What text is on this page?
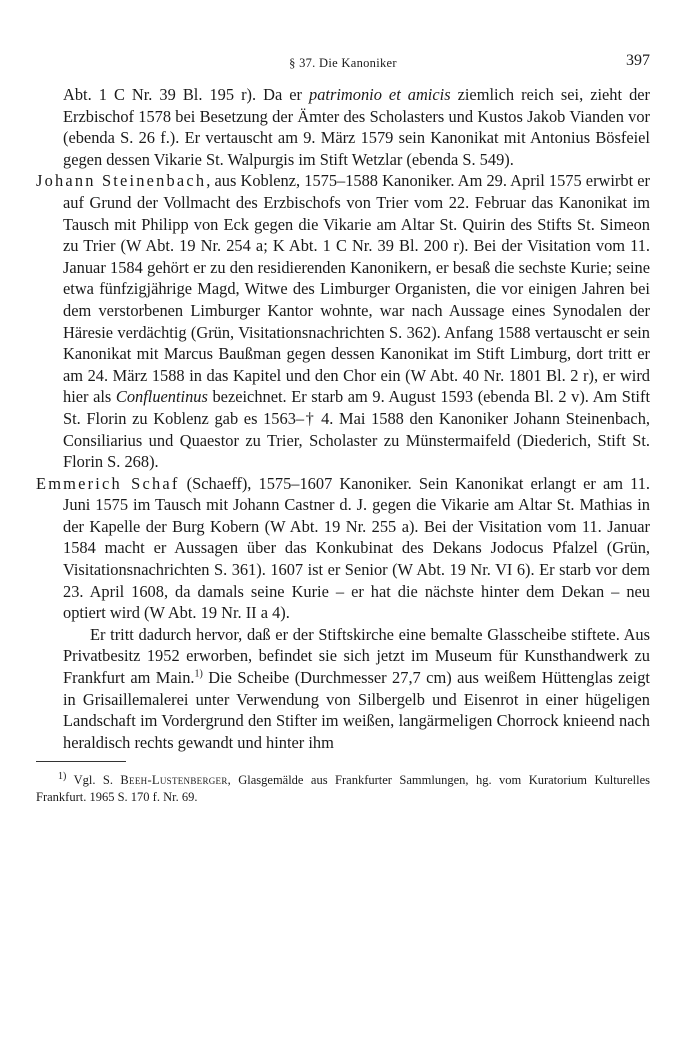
§ 37. Die Kanoniker	397

Abt. 1 C Nr. 39 Bl. 195 r). Da er patrimonio et amicis ziemlich reich sei, zieht der Erzbischof 1578 bei Besetzung der Ämter des Scholasters und Kustos Jakob Vianden vor (ebenda S. 26 f.). Er vertauscht am 9. März 1579 sein Kanonikat mit Antonius Bösfeiel gegen dessen Vikarie St. Walpurgis im Stift Wetzlar (ebenda S. 549).

Johann Steinenbach, aus Koblenz, 1575–1588 Kanoniker. Am 29. April 1575 erwirbt er auf Grund der Vollmacht des Erzbischofs von Trier vom 22. Februar das Kanonikat im Tausch mit Philipp von Eck gegen die Vikarie am Altar St. Quirin des Stifts St. Simeon zu Trier (W Abt. 19 Nr. 254 a; K Abt. 1 C Nr. 39 Bl. 200 r). Bei der Visitation vom 11. Januar 1584 gehört er zu den residierenden Kanonikern, er besaß die sechste Kurie; seine etwa fünfzigjährige Magd, Witwe des Limburger Organisten, die vor einigen Jahren bei dem verstorbenen Limburger Kantor wohnte, war nach Aussage eines Synodalen der Häresie verdächtig (Grün, Visitationsnachrichten S. 362). Anfang 1588 vertauscht er sein Kanonikat mit Marcus Baußman gegen dessen Kanonikat im Stift Limburg, dort tritt er am 24. März 1588 in das Kapitel und den Chor ein (W Abt. 40 Nr. 1801 Bl. 2 r), er wird hier als Confluentinus bezeichnet. Er starb am 9. August 1593 (ebenda Bl. 2 v). Am Stift St. Florin zu Koblenz gab es 1563–† 4. Mai 1588 den Kanoniker Johann Steinenbach, Consiliarius und Quaestor zu Trier, Scholaster zu Münstermaifeld (Diederich, Stift St. Florin S. 268).

Emmerich Schaf (Schaeff), 1575–1607 Kanoniker. Sein Kanonikat erlangt er am 11. Juni 1575 im Tausch mit Johann Castner d. J. gegen die Vikarie am Altar St. Mathias in der Kapelle der Burg Kobern (W Abt. 19 Nr. 255 a). Bei der Visitation vom 11. Januar 1584 macht er Aussagen über das Konkubinat des Dekans Jodocus Pfalzel (Grün, Visitationsnachrichten S. 361). 1607 ist er Senior (W Abt. 19 Nr. VI 6). Er starb vor dem 23. April 1608, da damals seine Kurie – er hat die nächste hinter dem Dekan – neu optiert wird (W Abt. 19 Nr. II a 4).

Er tritt dadurch hervor, daß er der Stiftskirche eine bemalte Glasscheibe stiftete. Aus Privatbesitz 1952 erworben, befindet sie sich jetzt im Museum für Kunsthandwerk zu Frankfurt am Main.$^{1)}$ Die Scheibe (Durchmesser 27,7 cm) aus weißem Hüttenglas zeigt in Grisaillemalerei unter Verwendung von Silbergelb und Eisenrot in einer hügeligen Landschaft im Vordergrund den Stifter im weißen, langärmeligen Chorrock knieend nach heraldisch rechts gewandt und hinter ihm

$^{1)}$ Vgl. S. Beeh-Lustenberger, Glasgemälde aus Frankfurter Sammlungen, hg. vom Kuratorium Kulturelles Frankfurt. 1965 S. 170 f. Nr. 69.
